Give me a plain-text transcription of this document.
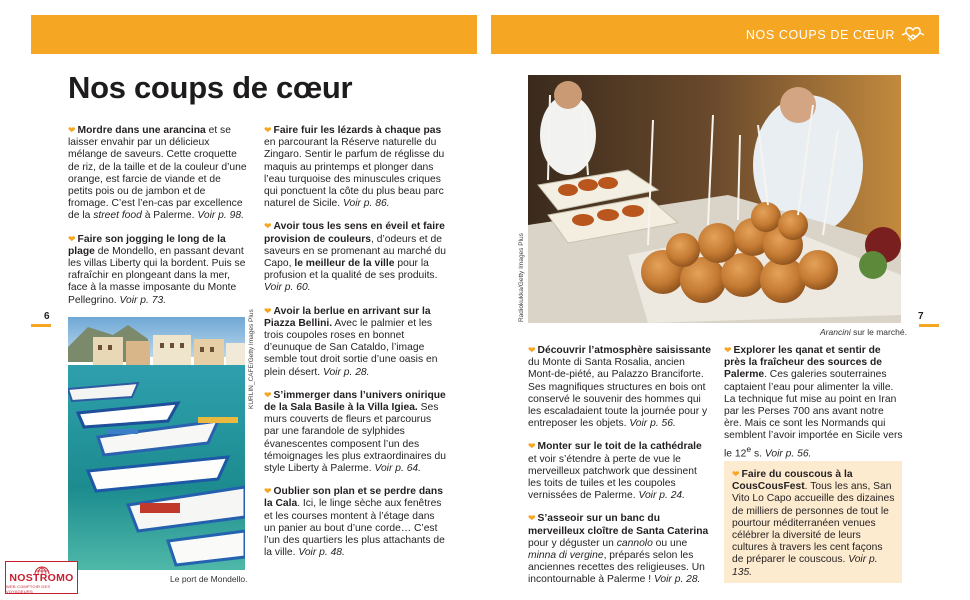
NOS COUPS DE CŒUR
Nos coups de cœur
6	7

❤ Mordre dans une arancina et se laisser envahir par un délicieux mélange de saveurs. Cette croquette de riz, de la taille et de la couleur d’une orange, est farcie de viande et de petits pois ou de jambon et de fromage. C’est l’en-cas par excellence de la street food à Palerme. Voir p. 98.

❤ Faire son jogging le long de la plage de Mondello, en passant devant les villas Liberty qui la bordent. Puis se rafraîchir en plongeant dans la mer, face à la masse imposante du Monte Pellegrino. Voir p. 73.

❤ Faire fuir les lézards à chaque pas en parcourant la Réserve naturelle du Zingaro. Sentir le parfum de réglisse du maquis au printemps et plonger dans l’eau turquoise des minuscules criques qui ponctuent la côte du plus beau parc naturel de Sicile. Voir p. 86.

❤ Avoir tous les sens en éveil et faire provision de couleurs, d’odeurs et de saveurs en se promenant au marché du Capo, le meilleur de la ville pour la profusion et la qualité de ses produits. Voir p. 60.

❤ Avoir la berlue en arrivant sur la Piazza Bellini. Avec le palmier et les trois coupoles roses en bonnet d’eunuque de San Cataldo, l’image semble tout droit sortie d’une oasis en plein désert. Voir p. 28.

❤ S’immerger dans l’univers onirique de la Sala Basile à la Villa Igiea. Ses murs couverts de fleurs et parcourus par une farandole de sylphides évanescentes composent l’un des témoignages les plus extraordinaires du style Liberty à Palerme. Voir p. 64.

❤ Oublier son plan et se perdre dans la Cala. Ici, le linge sèche aux fenêtres et les courses montent à l’étage dans un panier au bout d’une corde… C’est l’un des quartiers les plus attachants de la ville. Voir p. 48.

KURLIN_CAFE/Getty Images Plus
Le port de Mondello.
Radiokukka/Getty Images Plus
Arancini sur le marché.

❤ Découvrir l’atmosphère saisissante du Monte di Santa Rosalia, ancien Mont-de-piété, au Palazzo Branciforte. Ses magnifiques structures en bois ont conservé le souvenir des hommes qui les escaladaient toute la journée pour y entreposer les objets. Voir p. 56.

❤ Monter sur le toit de la cathédrale et voir s’étendre à perte de vue le merveilleux patchwork que dessinent les toits de tuiles et les coupoles vernissées de Palerme. Voir p. 24.

❤ S’asseoir sur un banc du merveilleux cloître de Santa Caterina pour y déguster un cannolo ou une minna di vergine, préparés selon les anciennes recettes des religieuses. Un incontournable à Palerme ! Voir p. 28.

❤ Explorer les qanat et sentir de près la fraîcheur des sources de Palerme. Ces galeries souterraines captaient l’eau pour alimenter la ville. La technique fut mise au point en Iran par les Perses 700 ans avant notre ère. Mais ce sont les Normands qui semblent l’avoir importée en Sicile vers le 12e s. Voir p. 56.

❤ Faire du couscous à la CousCousFest. Tous les ans, San Vito Lo Capo accueille des dizaines de milliers de personnes de tout le pourtour méditerranéen venues célébrer la diversité de leurs cultures à travers les cent façons de préparer le couscous. Voir p. 135.
NOSTROMO
WEB COMPTOIR DES VOYAGEURS
